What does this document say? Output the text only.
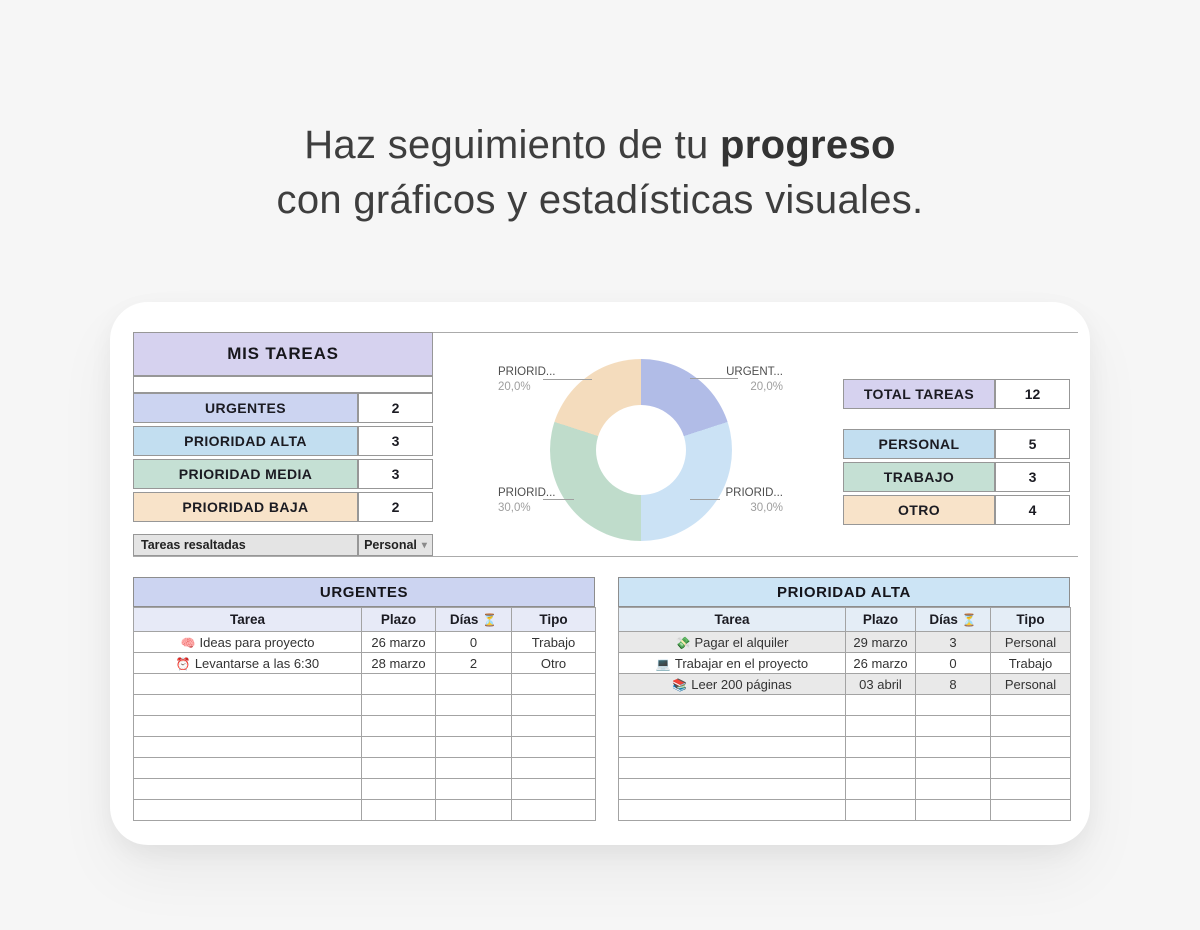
Haz seguimiento de tu progreso
con gráficos y estadísticas visuales.
MIS TAREAS
URGENTES	2
PRIORIDAD ALTA	3
PRIORIDAD MEDIA	3
PRIORIDAD BAJA	2
Tareas resaltadas	Personal ▾
PRIORID...
20,0%
URGENT...
20,0%
PRIORID...
30,0%
PRIORID...
30,0%
TOTAL TAREAS	12
PERSONAL	5
TRABAJO	3
OTRO	4
URGENTES
Tarea	Plazo	Días ⏳	Tipo
🧠 Ideas para proyecto	26 marzo	0	Trabajo
⏰ Levantarse a las 6:30	28 marzo	2	Otro

PRIORIDAD ALTA
Tarea	Plazo	Días ⏳	Tipo
💸 Pagar el alquiler	29 marzo	3	Personal
💻 Trabajar en el proyecto	26 marzo	0	Trabajo
📚 Leer 200 páginas	03 abril	8	Personal
